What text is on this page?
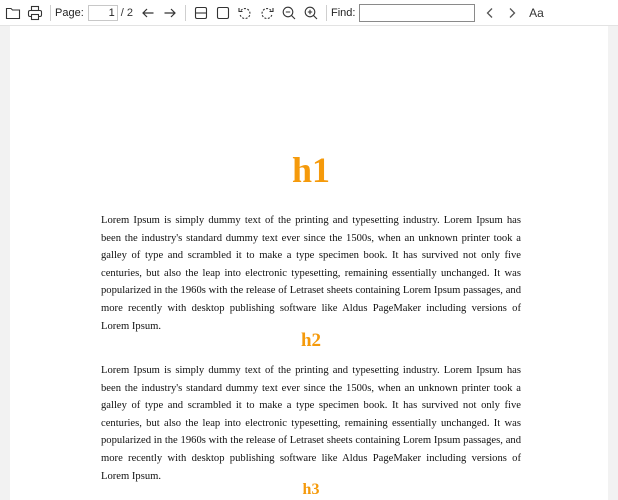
Page:
1	/ 2	Find:	Aa
h1

Lorem Ipsum is simply dummy text of the printing and typesetting industry. Lorem Ipsum has been the industry's standard dummy text ever since the 1500s, when an unknown printer took a galley of type and scrambled it to make a type specimen book. It has survived not only five centuries, but also the leap into electronic typesetting, remaining essentially unchanged. It was popularized in the 1960s with the release of Letraset sheets containing Lorem Ipsum passages, and more recently with desktop publishing software like Aldus PageMaker including versions of Lorem Ipsum.

h2

Lorem Ipsum is simply dummy text of the printing and typesetting industry. Lorem Ipsum has been the industry's standard dummy text ever since the 1500s, when an unknown printer took a galley of type and scrambled it to make a type specimen book. It has survived not only five centuries, but also the leap into electronic typesetting, remaining essentially unchanged. It was popularized in the 1960s with the release of Letraset sheets containing Lorem Ipsum passages, and more recently with desktop publishing software like Aldus PageMaker including versions of Lorem Ipsum.

h3
